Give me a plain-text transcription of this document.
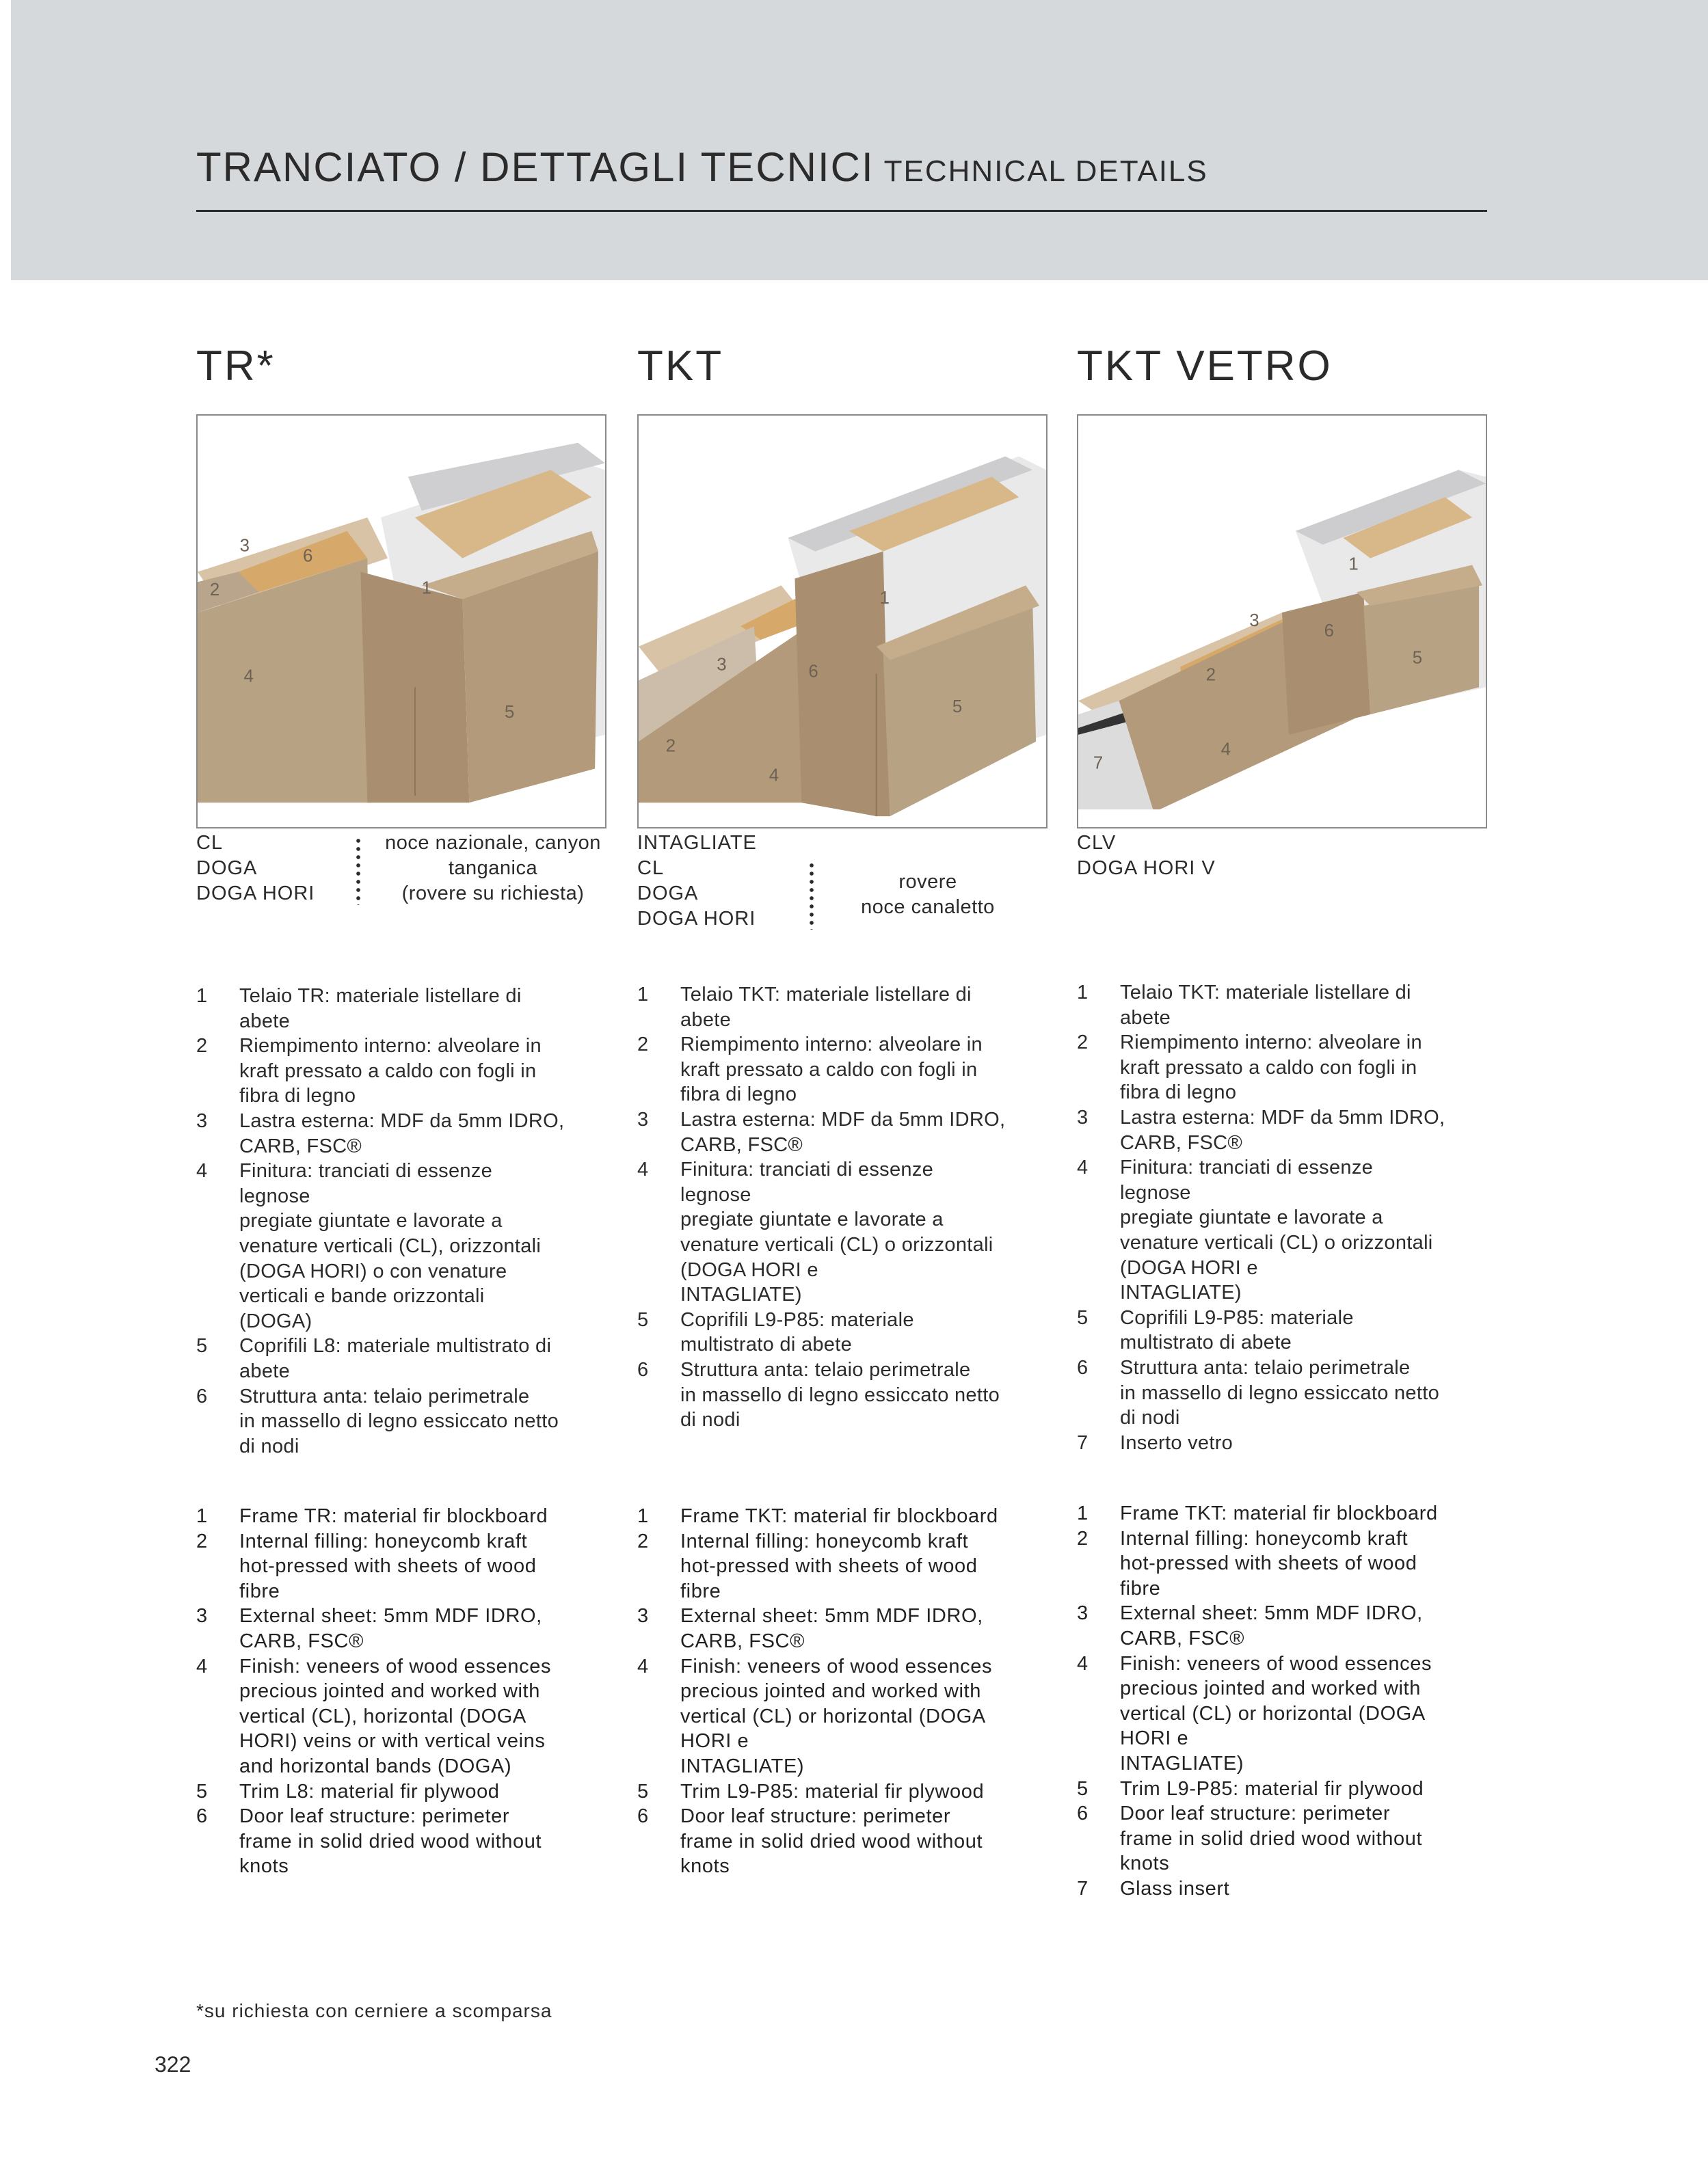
TRANCIATO / DETTAGLI TECNICI TECHNICAL DETAILS
TR*
3
6
2	1
4
5
CL
DOGA
DOGA HORI
noce nazionale, canyon
tanganica
(rovere su richiesta)
1	Telaio TR: materiale listellare di
abete
2	Riempimento interno: alveolare in
kraft pressato a caldo con fogli in
fibra di legno
3	Lastra esterna: MDF da 5mm IDRO,
CARB, FSC®
4	Finitura: tranciati di essenze
legnose
pregiate giuntate e lavorate a
venature verticali (CL), orizzontali
(DOGA HORI) o con venature
verticali e bande orizzontali
(DOGA)
5	Coprifili L8: materiale multistrato di
abete
6	Struttura anta: telaio perimetrale
in massello di legno essiccato netto
di nodi
1	Frame TR: material fir blockboard
2	Internal filling: honeycomb kraft
hot-pressed with sheets of wood
fibre
3	External sheet: 5mm MDF IDRO,
CARB, FSC®
4	Finish: veneers of wood essences
precious jointed and worked with
vertical (CL), horizontal (DOGA
HORI) veins or with vertical veins
and horizontal bands (DOGA)
5	Trim L8: material fir plywood
6	Door leaf structure: perimeter
frame in solid dried wood without
knots
TKT
1
3	6
2
4
5
INTAGLIATE
CL
DOGA
DOGA HORI
rovere
noce canaletto
1	Telaio TKT: materiale listellare di
abete
2	Riempimento interno: alveolare in
kraft pressato a caldo con fogli in
fibra di legno
3	Lastra esterna: MDF da 5mm IDRO,
CARB, FSC®
4	Finitura: tranciati di essenze
legnose
pregiate giuntate e lavorate a
venature verticali (CL) o orizzontali
(DOGA HORI e
INTAGLIATE)
5	Coprifili L9-P85: materiale
multistrato di abete
6	Struttura anta: telaio perimetrale
in massello di legno essiccato netto
di nodi
1	Frame TKT: material fir blockboard
2	Internal filling: honeycomb kraft
hot-pressed with sheets of wood
fibre
3	External sheet: 5mm MDF IDRO,
CARB, FSC®
4	Finish: veneers of wood essences
precious jointed and worked with
vertical (CL) or horizontal (DOGA
HORI e
INTAGLIATE)
5	Trim L9-P85: material fir plywood
6	Door leaf structure: perimeter
frame in solid dried wood without
knots
TKT VETRO
1
3
6
2
5
4
7
CLV
DOGA HORI V
1	Telaio TKT: materiale listellare di
abete
2	Riempimento interno: alveolare in
kraft pressato a caldo con fogli in
fibra di legno
3	Lastra esterna: MDF da 5mm IDRO,
CARB, FSC®
4	Finitura: tranciati di essenze
legnose
pregiate giuntate e lavorate a
venature verticali (CL) o orizzontali
(DOGA HORI e
INTAGLIATE)
5	Coprifili L9-P85: materiale
multistrato di abete
6	Struttura anta: telaio perimetrale
in massello di legno essiccato netto
di nodi
7	Inserto vetro
1	Frame TKT: material fir blockboard
2	Internal filling: honeycomb kraft
hot-pressed with sheets of wood
fibre
3	External sheet: 5mm MDF IDRO,
CARB, FSC®
4	Finish: veneers of wood essences
precious jointed and worked with
vertical (CL) or horizontal (DOGA
HORI e
INTAGLIATE)
5	Trim L9-P85: material fir plywood
6	Door leaf structure: perimeter
frame in solid dried wood without
knots
7	Glass insert
*su richiesta con cerniere a scomparsa
322
